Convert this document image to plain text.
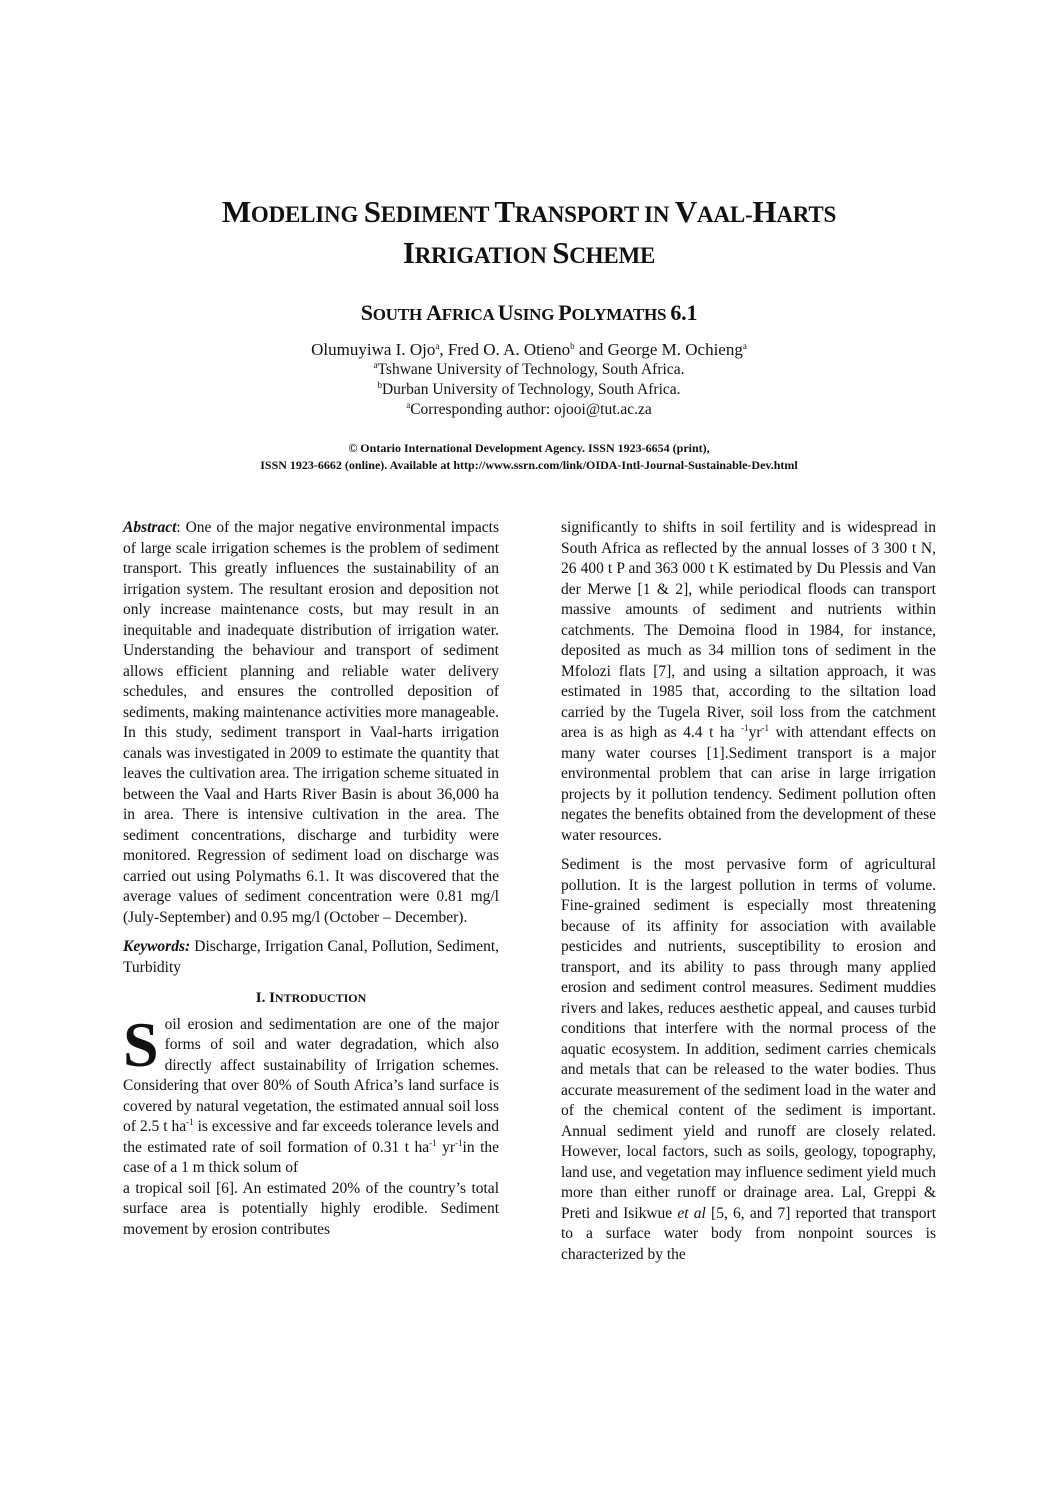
MODELING SEDIMENT TRANSPORT IN VAAL-HARTS
IRRIGATION SCHEME
SOUTH AFRICA USING POLYMATHS 6.1
Olumuyiwa I. Ojo$^a$, Fred O. A. Otieno$^b$ and George M. Ochieng$^a$
$^a$Tshwane University of Technology, South Africa.
$^b$Durban University of Technology, South Africa.
$^a$Corresponding author: ojooi@tut.ac.za
© Ontario International Development Agency. ISSN 1923-6654 (print),
ISSN 1923-6662 (online). Available at http://www.ssrn.com/link/OIDA-Intl-Journal-Sustainable-Dev.html

Abstract: One of the major negative environmental impacts of large scale irrigation schemes is the problem of sediment transport. This greatly influences the sustainability of an irrigation system. The resultant erosion and deposition not only increase maintenance costs, but may result in an inequitable and inadequate distribution of irrigation water. Understanding the behaviour and transport of sediment allows efficient planning and reliable water delivery schedules, and ensures the controlled deposition of sediments, making maintenance activities more manageable. In this study, sediment transport in Vaal-harts irrigation canals was investigated in 2009 to estimate the quantity that leaves the cultivation area. The irrigation scheme situated in between the Vaal and Harts River Basin is about 36,000 ha in area. There is intensive cultivation in the area. The sediment concentrations, discharge and turbidity were monitored. Regression of sediment load on discharge was carried out using Polymaths 6.1. It was discovered that the average values of sediment concentration were 0.81 mg/l (July-September) and 0.95 mg/l (October – December).

Keywords: Discharge, Irrigation Canal, Pollution, Sediment, Turbidity

I. INTRODUCTION

Soil erosion and sedimentation are one of the major forms of soil and water degradation, which also directly affect sustainability of Irrigation schemes. Considering that over 80% of South Africa’s land surface is covered by natural vegetation, the estimated annual soil loss of 2.5 t $ha^{-1}$ is excessive and far exceeds tolerance levels and the estimated rate of soil formation of 0.31 t $ha^{-1}$ $yr^{-1}in$ the case of a 1 m thick solum of

a tropical soil [6]. An estimated 20% of the country’s total surface area is potentially highly erodible. Sediment movement by erosion contributes

significantly to shifts in soil fertility and is widespread in South Africa as reflected by the annual losses of 3 300 t N, 26 400 t P and 363 000 t K estimated by Du Plessis and Van der Merwe [1 & 2], while periodical floods can transport massive amounts of sediment and nutrients within catchments. The Demoina flood in 1984, for instance, deposited as much as 34 million tons of sediment in the Mfolozi flats [7], and using a siltation approach, it was estimated in 1985 that, according to the siltation load carried by the Tugela River, soil loss from the catchment area is as high as 4.4 t ha $^{-1}yr^{-1}$ with attendant effects on many water courses [1].Sediment transport is a major environmental problem that can arise in large irrigation projects by it pollution tendency. Sediment pollution often negates the benefits obtained from the development of these water resources.

Sediment is the most pervasive form of agricultural pollution. It is the largest pollution in terms of volume. Fine-grained sediment is especially most threatening because of its affinity for association with available pesticides and nutrients, susceptibility to erosion and transport, and its ability to pass through many applied erosion and sediment control measures. Sediment muddies rivers and lakes, reduces aesthetic appeal, and causes turbid conditions that interfere with the normal process of the aquatic ecosystem. In addition, sediment carries chemicals and metals that can be released to the water bodies. Thus accurate measurement of the sediment load in the water and of the chemical content of the sediment is important. Annual sediment yield and runoff are closely related. However, local factors, such as soils, geology, topography, land use, and vegetation may influence sediment yield much more than either runoff or drainage area. Lal, Greppi & Preti and Isikwue et al [5, 6, and 7] reported that transport to a surface water body from nonpoint sources is characterized by the
